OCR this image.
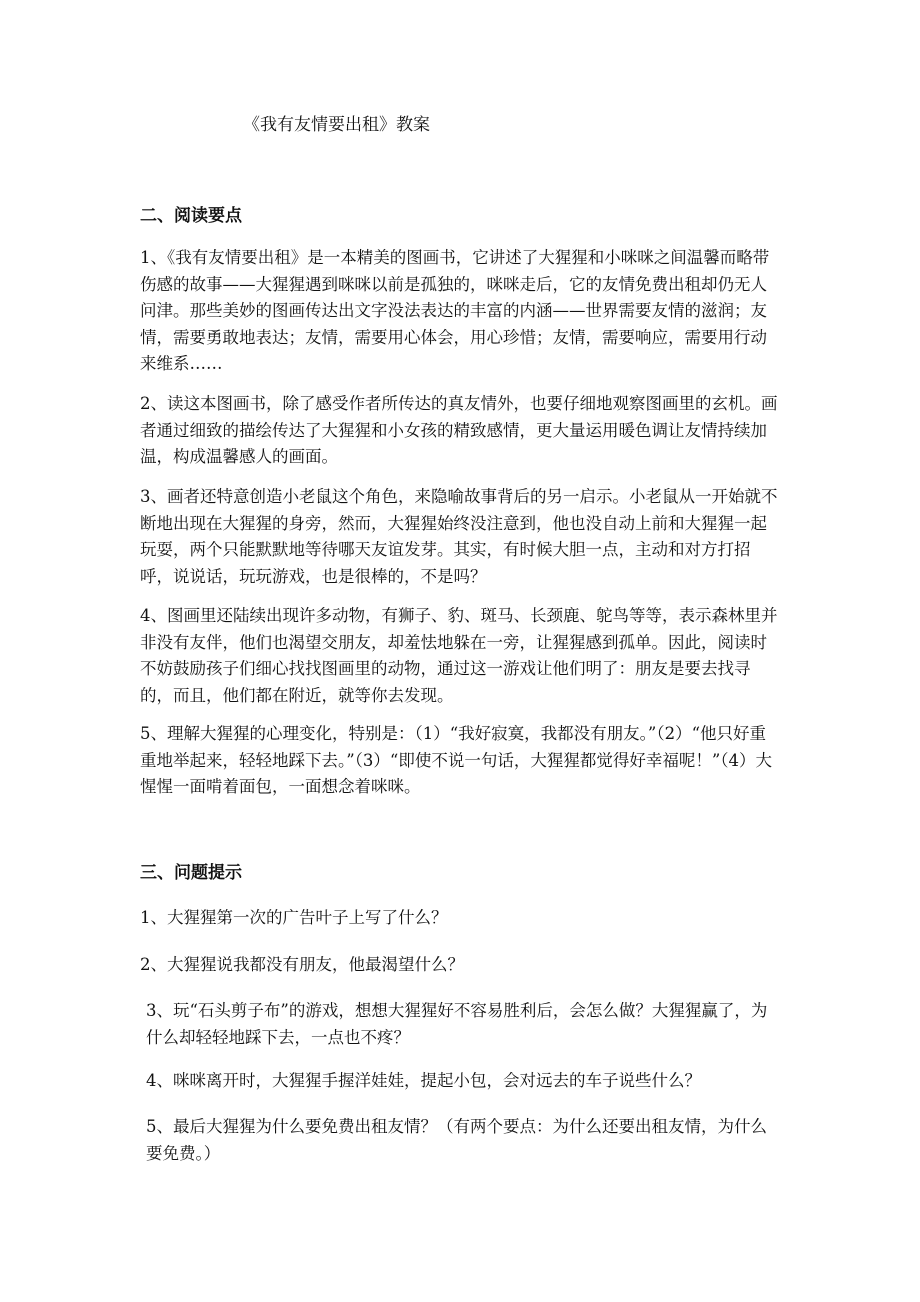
《我有友情要出租》教案
二、阅读要点

1、《我有友情要出租》是一本精美的图画书，它讲述了大猩猩和小咪咪之间温馨而略带伤感的故事——大猩猩遇到咪咪以前是孤独的，咪咪走后，它的友情免费出租却仍无人问津。那些美妙的图画传达出文字没法表达的丰富的内涵——世界需要友情的滋润；友情，需要勇敢地表达；友情，需要用心体会，用心珍惜；友情，需要响应，需要用行动来维系……

2、读这本图画书，除了感受作者所传达的真友情外，也要仔细地观察图画里的玄机。画者通过细致的描绘传达了大猩猩和小女孩的精致感情，更大量运用暖色调让友情持续加温，构成温馨感人的画面。

3、画者还特意创造小老鼠这个角色，来隐喻故事背后的另一启示。小老鼠从一开始就不断地出现在大猩猩的身旁，然而，大猩猩始终没注意到，他也没自动上前和大猩猩一起玩耍，两个只能默默地等待哪天友谊发芽。其实，有时候大胆一点，主动和对方打招呼，说说话，玩玩游戏，也是很棒的，不是吗？

4、图画里还陆续出现许多动物，有狮子、豹、斑马、长颈鹿、鸵鸟等等，表示森林里并非没有友伴，他们也渴望交朋友，却羞怯地躲在一旁，让猩猩感到孤单。因此，阅读时不妨鼓励孩子们细心找找图画里的动物，通过这一游戏让他们明了：朋友是要去找寻的，而且，他们都在附近，就等你去发现。

5、理解大猩猩的心理变化，特别是：（1）“我好寂寞，我都没有朋友。”（2）“他只好重重地举起来，轻轻地踩下去。”（3）“即使不说一句话，大猩猩都觉得好幸福呢！”（4）大惺惺一面啃着面包，一面想念着咪咪。

三、问题提示

1、大猩猩第一次的广告叶子上写了什么？

2、大猩猩说我都没有朋友，他最渴望什么？

3、玩“石头剪子布”的游戏，想想大猩猩好不容易胜利后，会怎么做？大猩猩赢了，为什么却轻轻地踩下去，一点也不疼？

4、咪咪离开时，大猩猩手握洋娃娃，提起小包，会对远去的车子说些什么？

5、最后大猩猩为什么要免费出租友情？（有两个要点：为什么还要出租友情，为什么要免费。）
